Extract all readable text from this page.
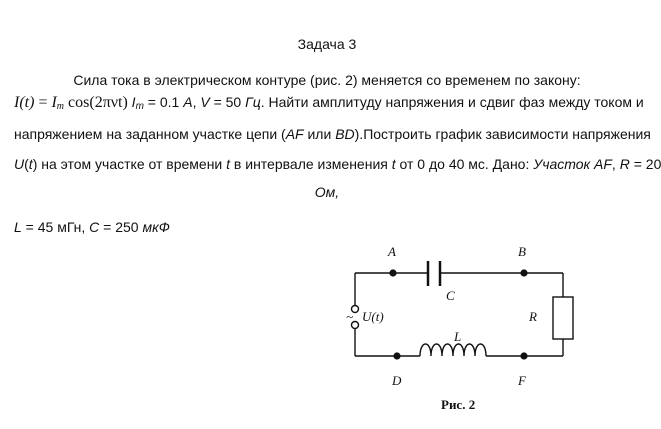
Задача 3
Сила тока в электрическом контуре (рис. 2) меняется со временем по закону:
$I(t) = I_m$ cos(2πνt) $I_m = 0.1$ А, V = 50 Гц. Найти амплитуду напряжения и сдвиг фаз между током и
напряжением на заданном участке цепи (AF или BD).Построить график зависимости напряжения
U(t) на этом участке от времени t в интервале изменения t от 0 до 40 мс. Дано: Участок AF, R = 20
Ом,
L = 45 мГн, C = 250 мкФ
A	B
D	F
C
R
L
~ U(t)
Рис. 2
